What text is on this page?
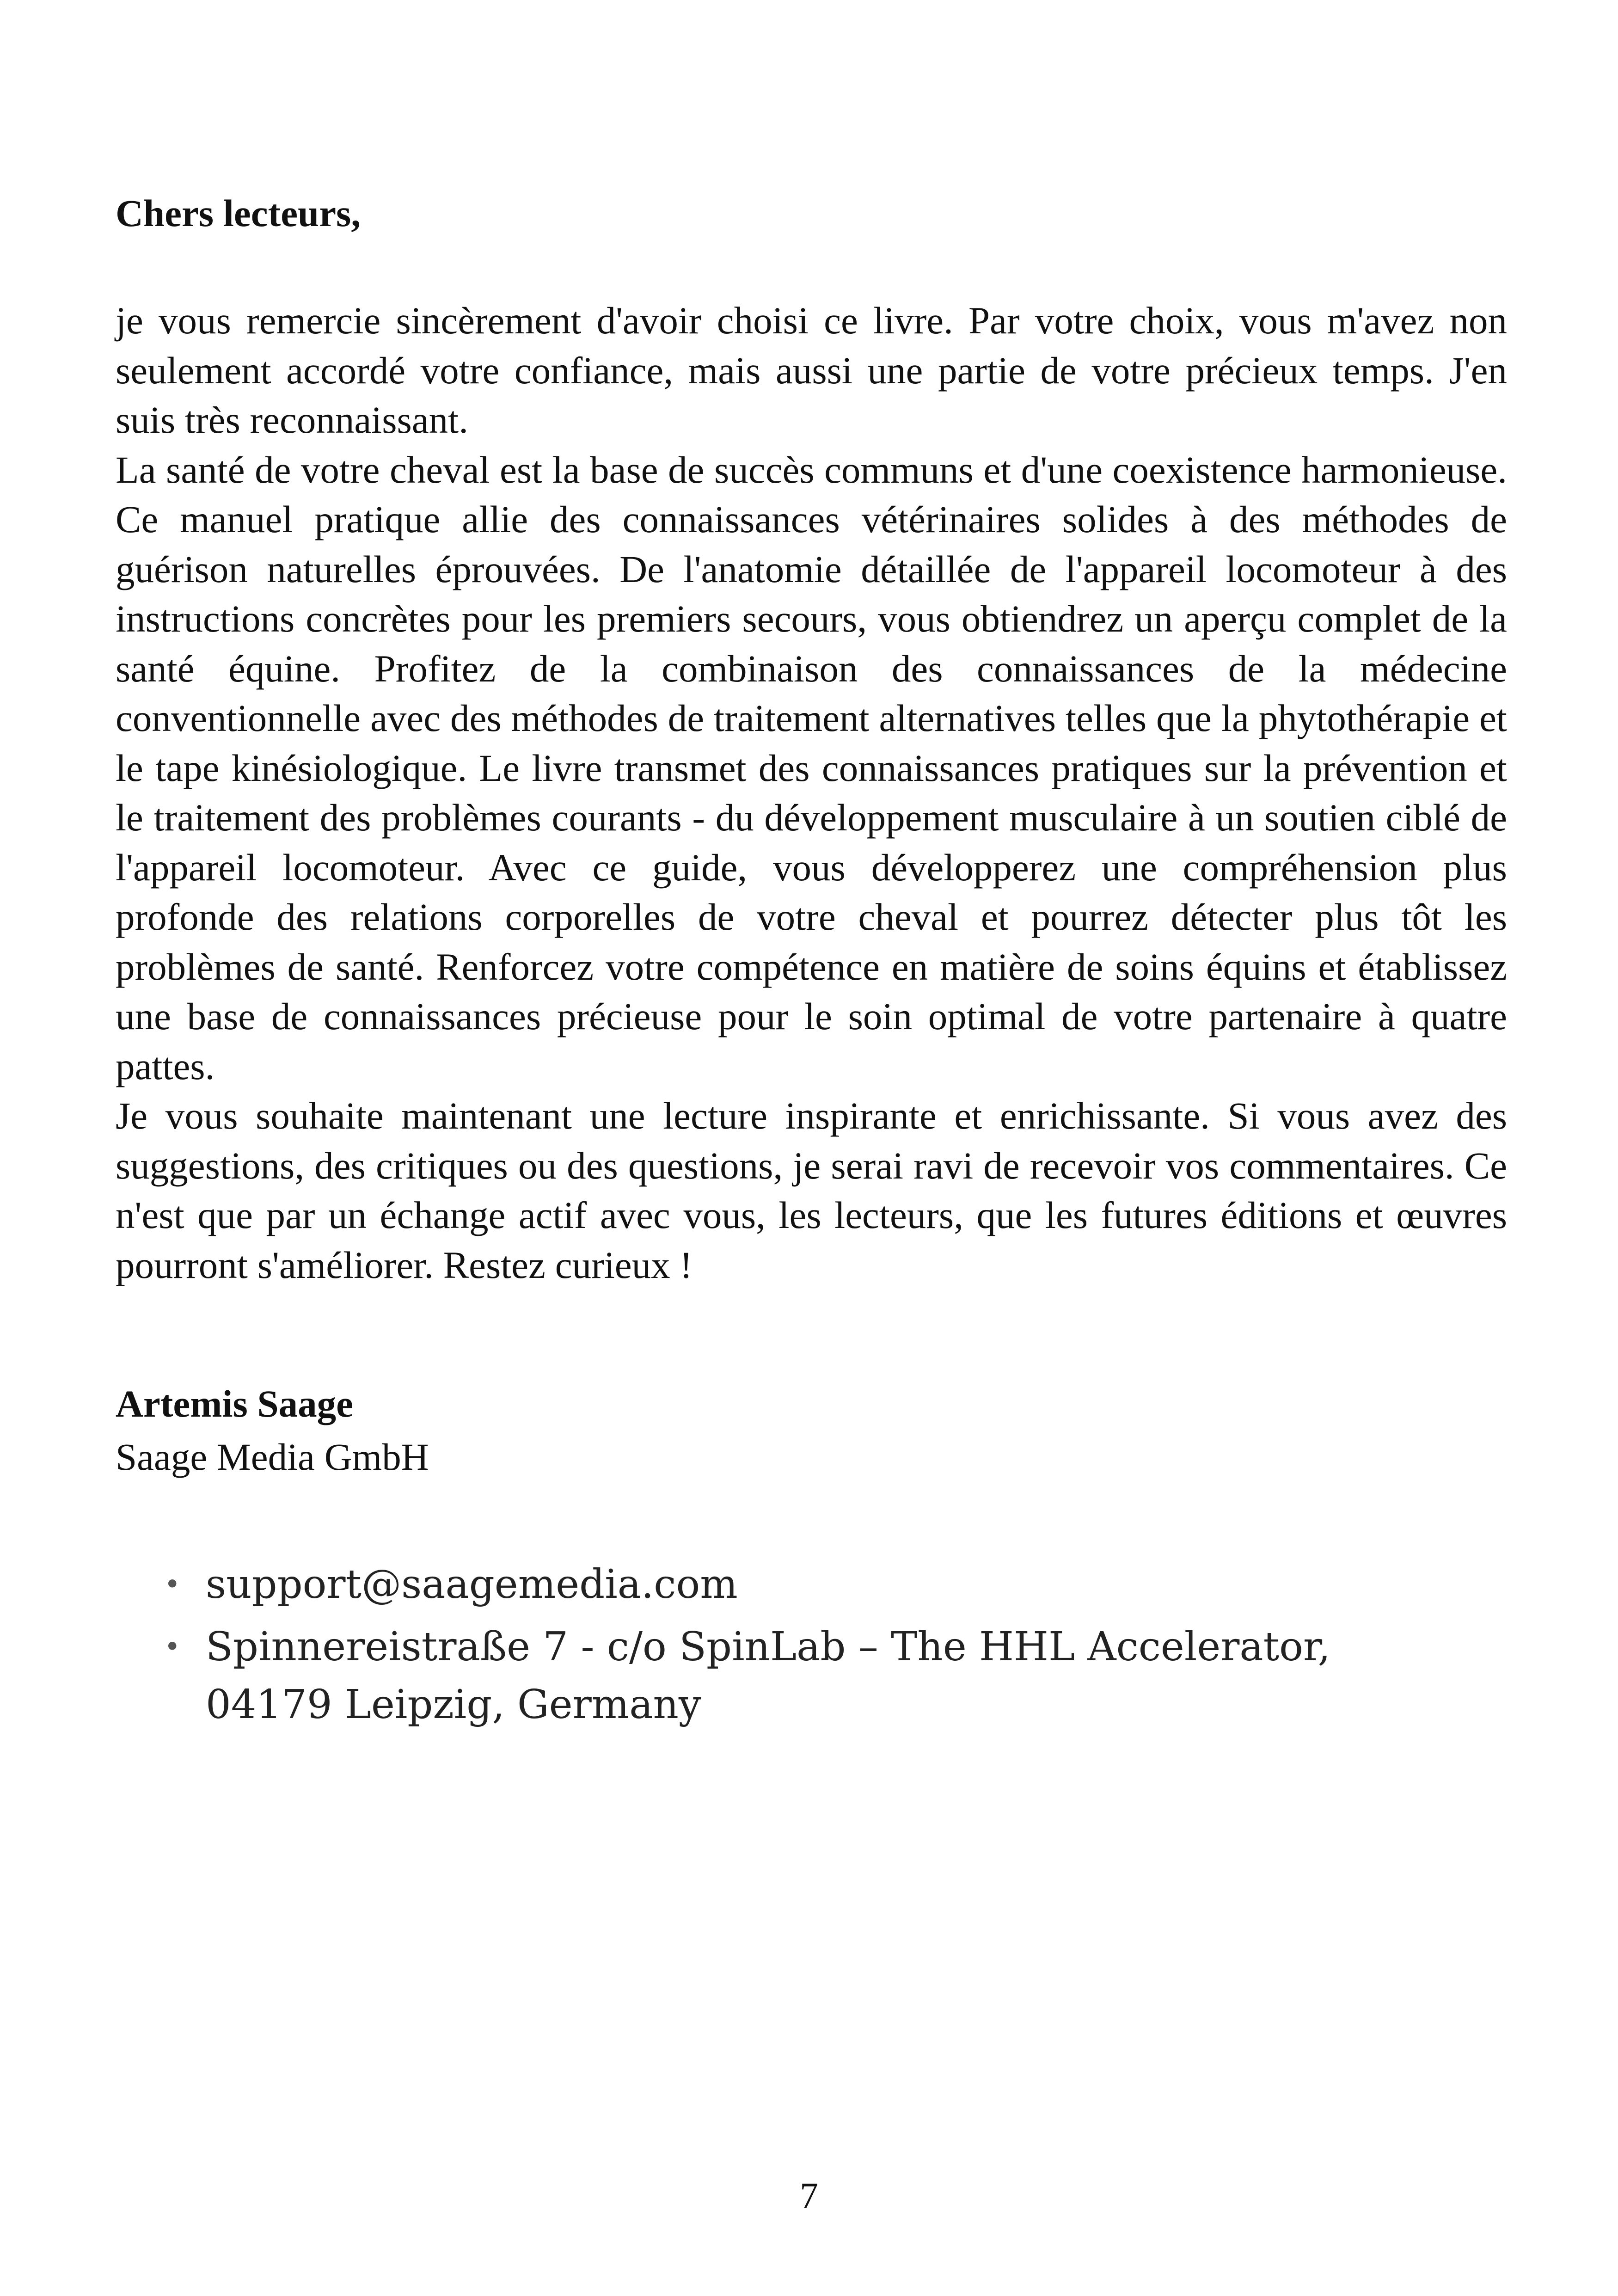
Chers lecteurs,

je vous remercie sincèrement d'avoir choisi ce livre. Par votre choix, vous m'avez non seulement accordé votre confiance, mais aussi une partie de votre précieux temps. J'en suis très reconnaissant.

La santé de votre cheval est la base de succès communs et d'une coexistence harmonieuse. Ce manuel pratique allie des connaissances vétérinaires solides à des méthodes de guérison naturelles éprouvées. De l'anatomie détaillée de l'appareil locomoteur à des instructions concrètes pour les premiers secours, vous obtiendrez un aperçu complet de la santé équine. Profitez de la combinaison des connaissances de la médecine conventionnelle avec des méthodes de traitement alternatives telles que la phytothérapie et le tape kinésiologique. Le livre transmet des connaissances pratiques sur la prévention et le traitement des problèmes courants - du développement musculaire à un soutien ciblé de l'appareil locomoteur. Avec ce guide, vous développerez une compréhension plus profonde des relations corporelles de votre cheval et pourrez détecter plus tôt les problèmes de santé. Renforcez votre compétence en matière de soins équins et établissez une base de connaissances précieuse pour le soin optimal de votre partenaire à quatre pattes.

Je vous souhaite maintenant une lecture inspirante et enrichissante. Si vous avez des suggestions, des critiques ou des questions, je serai ravi de recevoir vos commentaires. Ce n'est que par un échange actif avec vous, les lecteurs, que les futures éditions et œuvres pourront s'améliorer. Restez curieux !

Artemis Saage
Saage Media GmbH
• support@saagemedia.com
• Spinnereistraße 7 - c/o SpinLab – The HHL Accelerator, 04179 Leipzig, Germany
7
